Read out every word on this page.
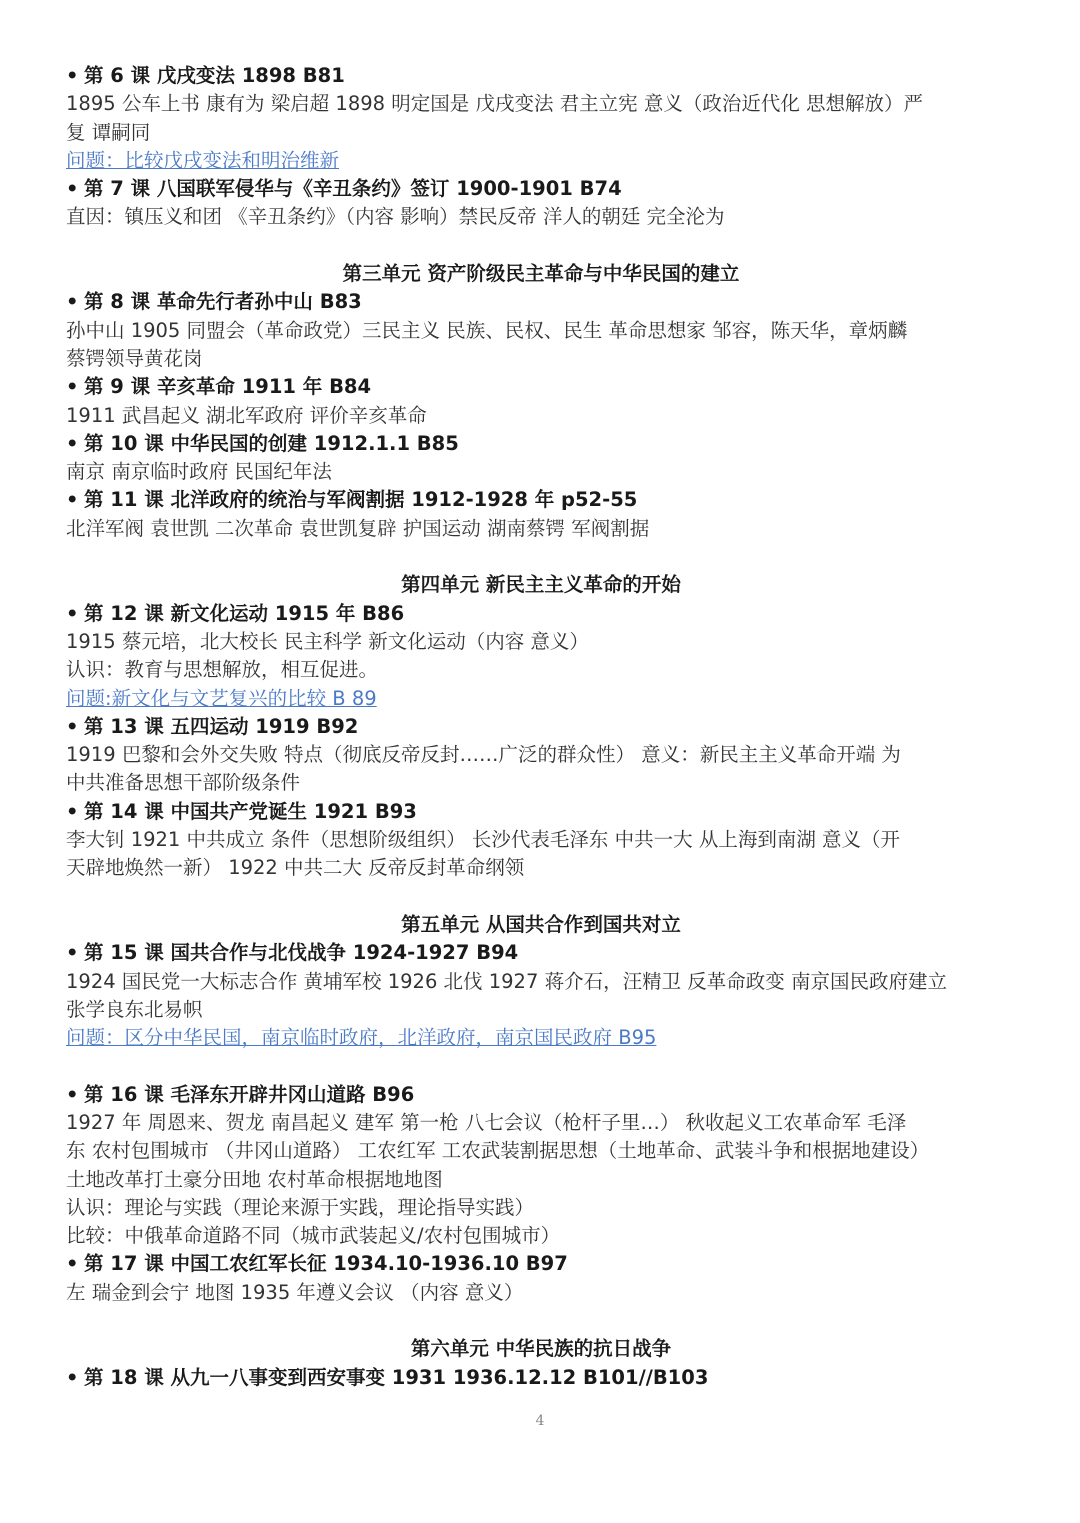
• 第 6 课 戊戌变法 1898 B81
1895 公车上书 康有为 梁启超 1898 明定国是 戊戌变法 君主立宪 意义（政治近代化 思想解放）严
复 谭嗣同
问题：比较戊戌变法和明治维新
• 第 7 课 八国联军侵华与《辛丑条约》签订 1900-1901 B74
直因：镇压义和团 《辛丑条约》（内容 影响）禁民反帝 洋人的朝廷 完全沦为
第三单元 资产阶级民主革命与中华民国的建立
• 第 8 课 革命先行者孙中山 B83
孙中山 1905 同盟会（革命政党）三民主义 民族、民权、民生 革命思想家 邹容，陈天华，章炳麟
蔡锷领导黄花岗
• 第 9 课 辛亥革命 1911 年 B84
1911 武昌起义 湖北军政府 评价辛亥革命
• 第 10 课 中华民国的创建 1912.1.1 B85
南京 南京临时政府 民国纪年法
• 第 11 课 北洋政府的统治与军阀割据 1912-1928 年 p52-55
北洋军阀 袁世凯 二次革命 袁世凯复辟 护国运动 湖南蔡锷 军阀割据
第四单元 新民主主义革命的开始
• 第 12 课 新文化运动 1915 年 B86
1915 蔡元培，北大校长 民主科学 新文化运动（内容 意义）
认识：教育与思想解放，相互促进。
问题:新文化与文艺复兴的比较 B 89
• 第 13 课 五四运动 1919 B92
1919 巴黎和会外交失败 特点（彻底反帝反封……广泛的群众性） 意义：新民主主义革命开端 为
中共准备思想干部阶级条件
• 第 14 课 中国共产党诞生 1921 B93
李大钊 1921 中共成立 条件（思想阶级组织） 长沙代表毛泽东 中共一大 从上海到南湖 意义（开
天辟地焕然一新） 1922 中共二大 反帝反封革命纲领
第五单元 从国共合作到国共对立
• 第 15 课 国共合作与北伐战争 1924-1927 B94
1924 国民党一大标志合作 黄埔军校 1926 北伐 1927 蒋介石，汪精卫 反革命政变 南京国民政府建立
张学良东北易帜
问题：区分中华民国，南京临时政府，北洋政府，南京国民政府 B95
• 第 16 课 毛泽东开辟井冈山道路 B96
1927 年 周恩来、贺龙 南昌起义 建军 第一枪 八七会议（枪杆子里…） 秋收起义工农革命军 毛泽
东 农村包围城市 （井冈山道路） 工农红军 工农武装割据思想（土地革命、武装斗争和根据地建设）
土地改革打土豪分田地 农村革命根据地地图
认识：理论与实践（理论来源于实践，理论指导实践）
比较：中俄革命道路不同（城市武装起义/农村包围城市）
• 第 17 课 中国工农红军长征 1934.10-1936.10 B97
左 瑞金到会宁 地图 1935 年遵义会议 （内容 意义）
第六单元 中华民族的抗日战争
• 第 18 课 从九一八事变到西安事变 1931 1936.12.12 B101//B103
4
